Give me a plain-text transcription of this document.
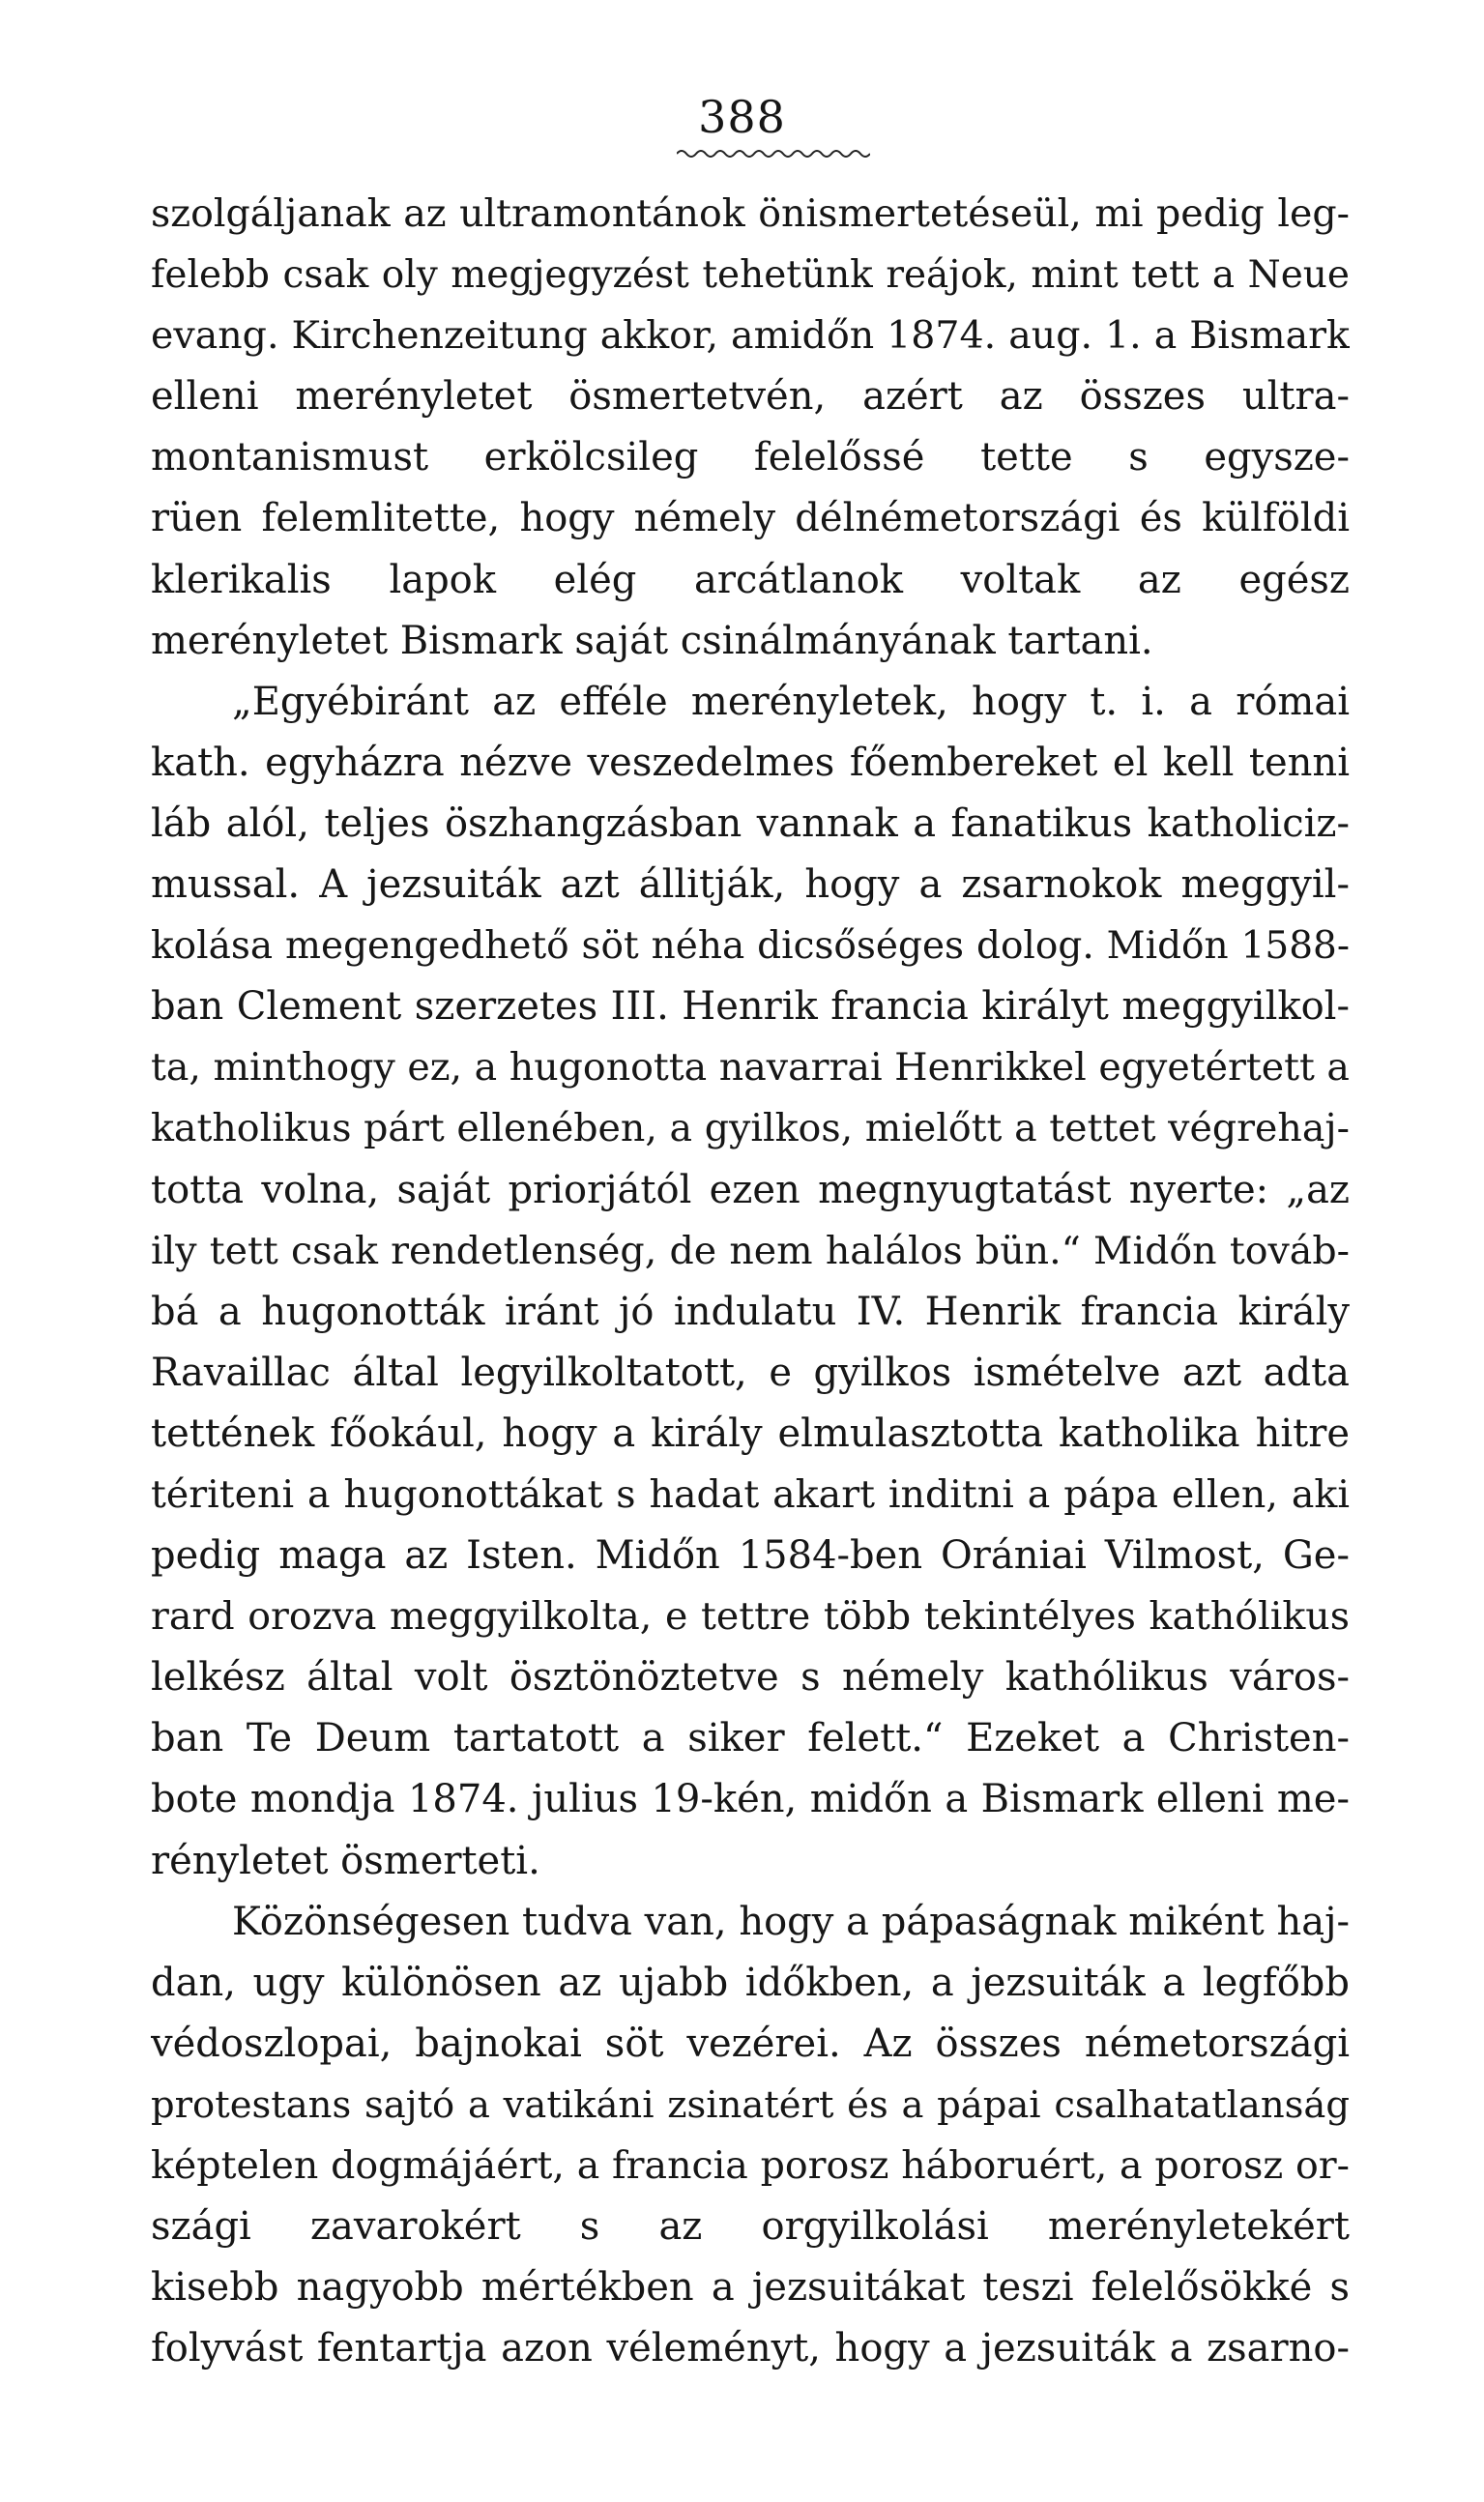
388
szolgáljanak az ultramontánok önismertetéseül, mi pedig leg-
felebb csak oly megjegyzést tehetünk reájok, mint tett a Neue
evang. Kirchenzeitung akkor, amidőn 1874. aug. 1. a Bismark
elleni merényletet ösmertetvén, azért az összes ultra-
montanismust erkölcsileg felelőssé tette s egysze-
rüen felemlitette, hogy némely délnémetországi és külföldi
klerikalis lapok elég arcátlanok voltak az egész
merényletet Bismark saját csinálmányának tartani.
„Egyébiránt az efféle merényletek, hogy t. i. a római
kath. egyházra nézve veszedelmes főembereket el kell tenni
láb alól, teljes öszhangzásban vannak a fanatikus katholiciz-
mussal. A jezsuiták azt állitják, hogy a zsarnokok meggyil-
kolása megengedhető söt néha dicsőséges dolog. Midőn 1588-
ban Clement szerzetes III. Henrik francia királyt meggyilkol-
ta, minthogy ez, a hugonotta navarrai Henrikkel egyetértett a
katholikus párt ellenében, a gyilkos, mielőtt a tettet végrehaj-
totta volna, saját priorjától ezen megnyugtatást nyerte: „az
ily tett csak rendetlenség, de nem halálos bün.“ Midőn továb-
bá a hugonották iránt jó indulatu IV. Henrik francia király
Ravaillac által legyilkoltatott, e gyilkos ismételve azt adta
tettének főokául, hogy a király elmulasztotta katholika hitre
tériteni a hugonottákat s hadat akart inditni a pápa ellen, aki
pedig maga az Isten. Midőn 1584-ben Orániai Vilmost, Ge-
rard orozva meggyilkolta, e tettre több tekintélyes kathólikus
lelkész által volt ösztönöztetve s némely kathólikus város-
ban Te Deum tartatott a siker felett.“ Ezeket a Christen-
bote mondja 1874. julius 19-kén, midőn a Bismark elleni me-
rényletet ösmerteti.
Közönségesen tudva van, hogy a pápaságnak miként haj-
dan, ugy különösen az ujabb időkben, a jezsuiták a legfőbb
védoszlopai, bajnokai söt vezérei. Az összes németországi
protestans sajtó a vatikáni zsinatért és a pápai csalhatatlanság
képtelen dogmájáért, a francia porosz háboruért, a porosz or-
szági zavarokért s az orgyilkolási merényletekért
kisebb nagyobb mértékben a jezsuitákat teszi felelősökké s
folyvást fentartja azon véleményt, hogy a jezsuiták a zsarno-
